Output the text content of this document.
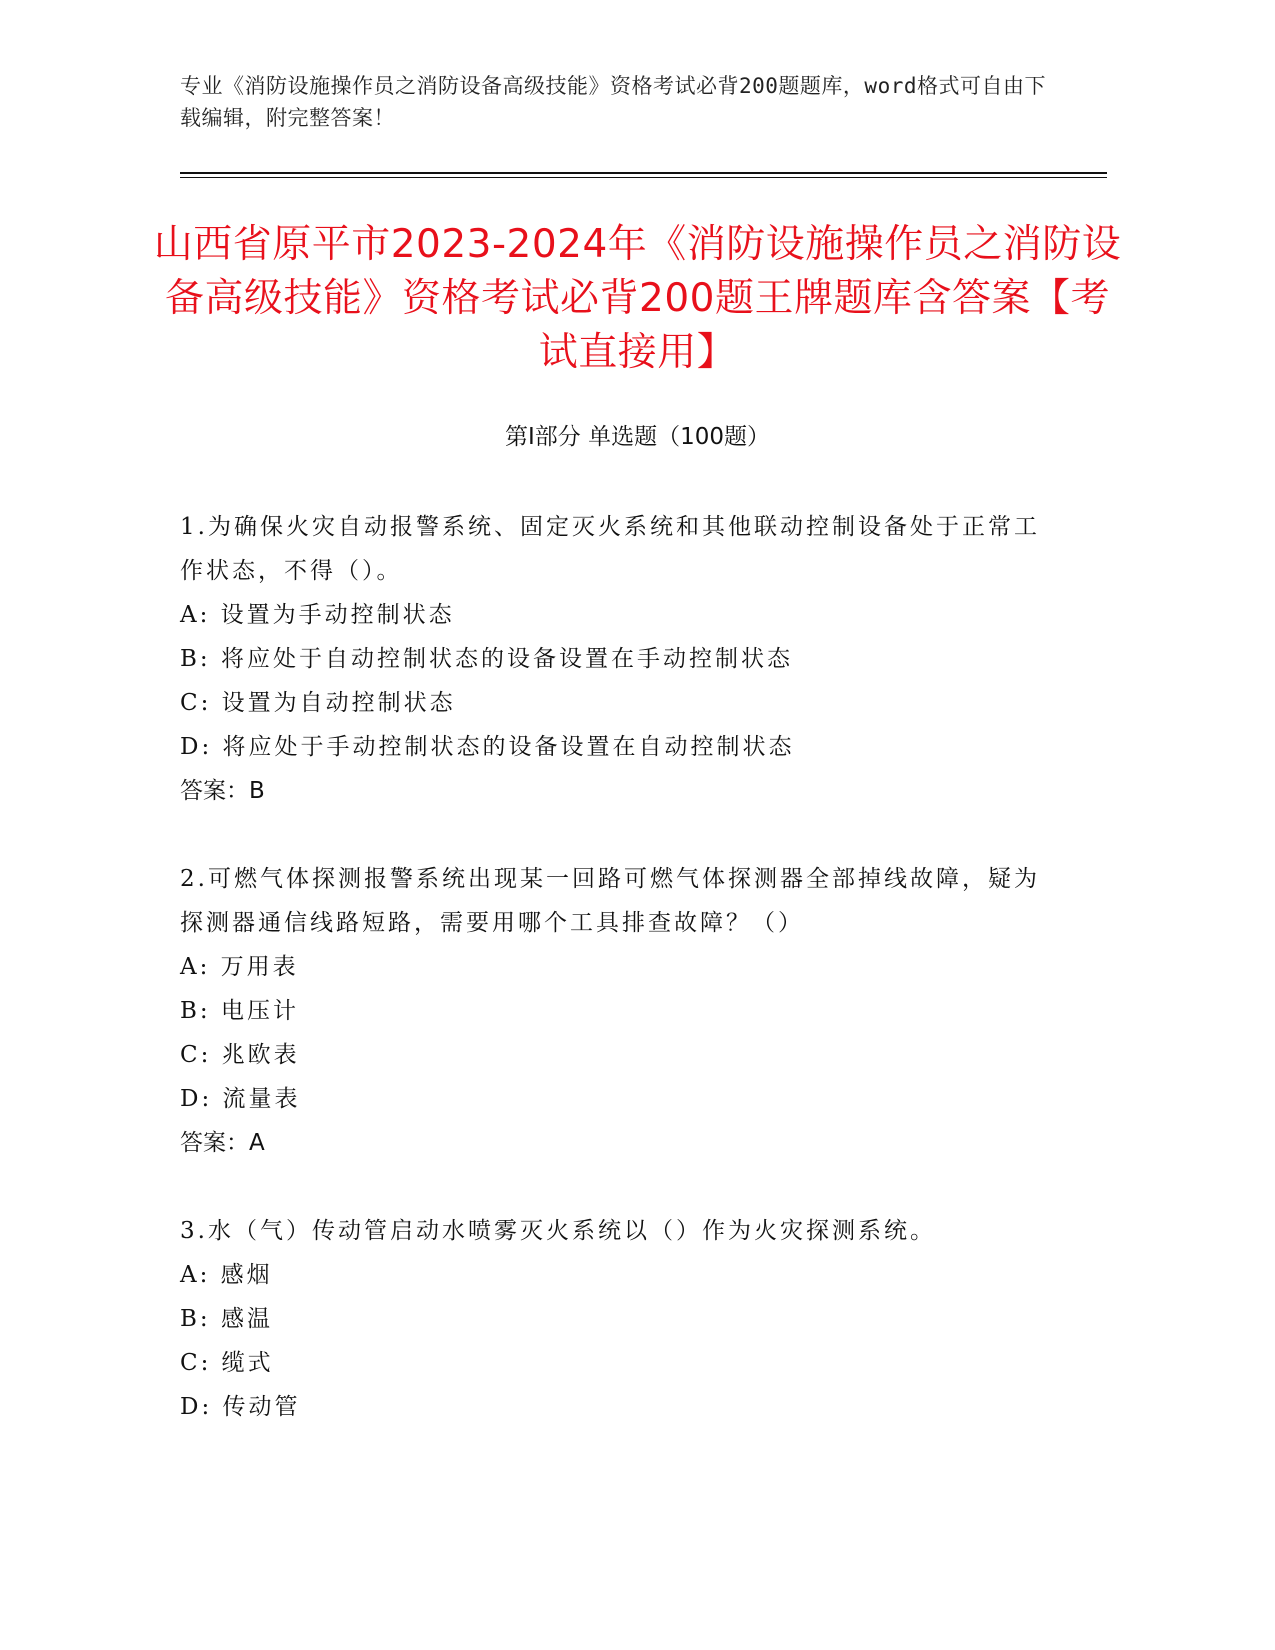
专业《消防设施操作员之消防设备高级技能》资格考试必背200题题库，word格式可自由下载编辑，附完整答案！
山西省原平市2023-2024年《消防设施操作员之消防设备高级技能》资格考试必背200题王牌题库含答案【考试直接用】
第Ⅰ部分 单选题（100题）
1.为确保火灾自动报警系统、固定灭火系统和其他联动控制设备处于正常工作状态，不得（）。
A: 设置为手动控制状态
B: 将应处于自动控制状态的设备设置在手动控制状态
C: 设置为自动控制状态
D: 将应处于手动控制状态的设备设置在自动控制状态
答案：B
2.可燃气体探测报警系统出现某一回路可燃气体探测器全部掉线故障，疑为探测器通信线路短路，需要用哪个工具排查故障？（）
A: 万用表
B: 电压计
C: 兆欧表
D: 流量表
答案：A
3.水（气）传动管启动水喷雾灭火系统以（）作为火灾探测系统。
A: 感烟
B: 感温
C: 缆式
D: 传动管
